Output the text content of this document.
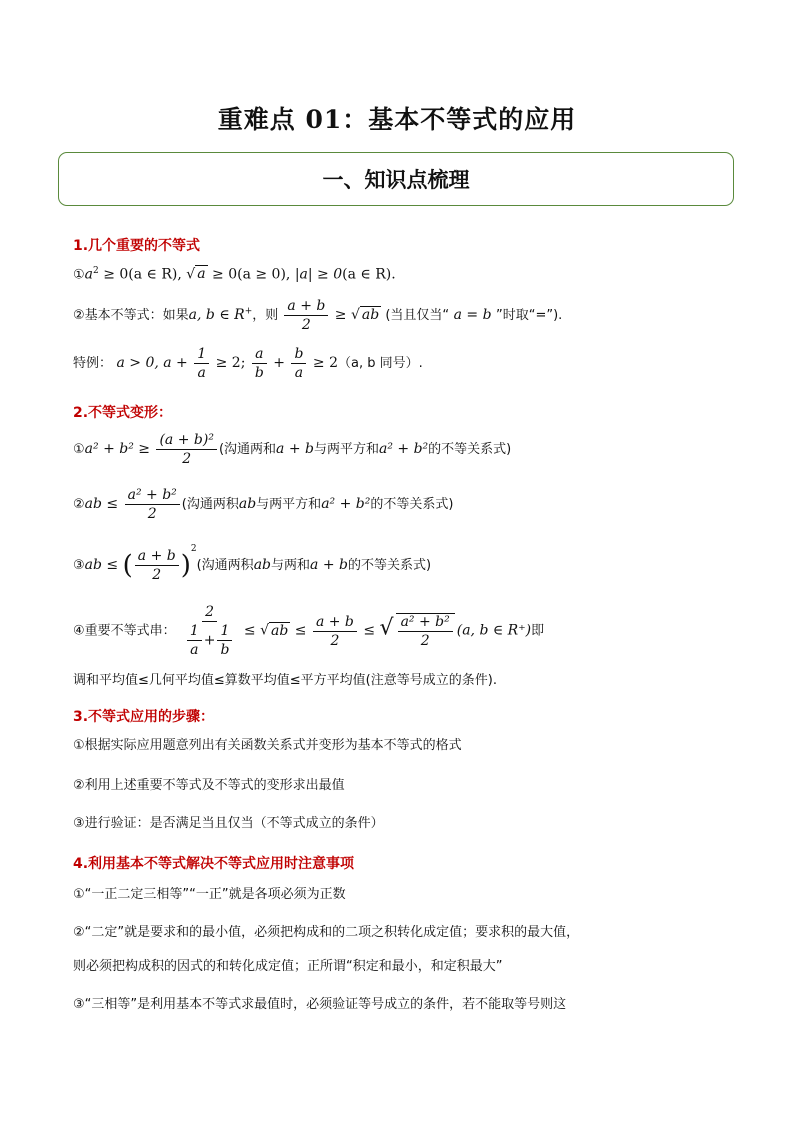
重难点 01：基本不等式的应用
一、知识点梳理
1.几个重要的不等式
$①a^2 \ge 0(a$ ∈ R), √ a ≥ 0(a ≥ 0), |a| ≥ 0(a ∈ R).
②基本不等式：如果a, b ∈ R+，则 $\frac{a + b}{2}$ ≥ √ ab (当且仅当“ a = b ”时取“=”).
特例： a > 0, $a + \frac{1}{a} \ge 2$; $\frac{a}{b} + \frac{b}{a} \ge 2(a$, b 同号）.
2.不等式变形：
①a² + $b^2 \ge \frac{\text{(a + b)²}}{2}$ (沟通两和a + b与两平方和a² + b²的不等关系式)
②ab ≤ $\frac{\text{a² + b²}}{2}$ (沟通两积ab与两平方和a² + b²的不等关系式)
③ab ≤ ( $\frac{a + b}{2} )^2$(沟通两积ab与两和a + b的不等关系式)
④重要不等式串： $\frac{2}{\frac{1}{a} + \frac{1}{b}}$ ≤ √ ab ≤ $\frac{a + b}{2}$ ≤ √ $\frac{\text{a² + b²}}{2} (a$, b ∈ R⁺)即
调和平均值≤几何平均值≤算数平均值≤平方平均值(注意等号成立的条件).
3.不等式应用的步骤：
①根据实际应用题意列出有关函数关系式并变形为基本不等式的格式
②利用上述重要不等式及不等式的变形求出最值
③进行验证：是否满足当且仅当（不等式成立的条件）
4.利用基本不等式解决不等式应用时注意事项
①“一正二定三相等”“一正”就是各项必须为正数
②“二定”就是要求和的最小值，必须把构成和的二项之积转化成定值；要求积的最大值，
则必须把构成积的因式的和转化成定值；正所谓“积定和最小，和定积最大”
③“三相等”是利用基本不等式求最值时，必须验证等号成立的条件，若不能取等号则这
